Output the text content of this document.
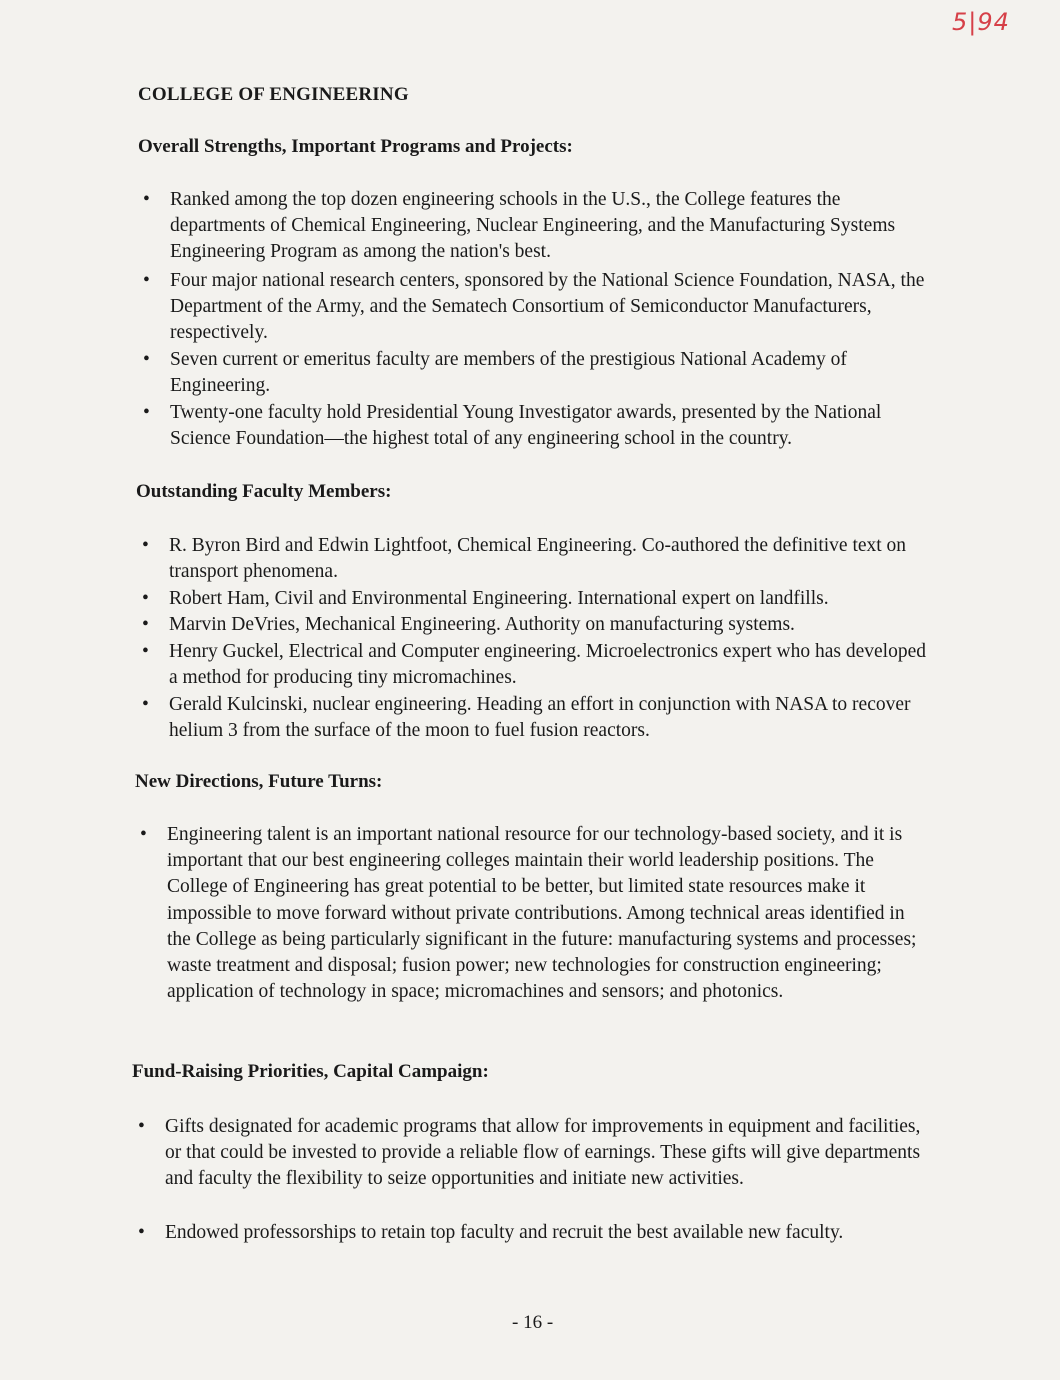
5|94
COLLEGE OF ENGINEERING
Overall Strengths, Important Programs and Projects:
• Ranked among the top dozen engineering schools in the U.S., the College features the departments of Chemical Engineering, Nuclear Engineering, and the Manufacturing Systems Engineering Program as among the nation's best.
• Four major national research centers, sponsored by the National Science Foundation, NASA, the Department of the Army, and the Sematech Consortium of Semiconductor Manufacturers, respectively.
• Seven current or emeritus faculty are members of the prestigious National Academy of Engineering.
• Twenty-one faculty hold Presidential Young Investigator awards, presented by the National Science Foundation—the highest total of any engineering school in the country.
Outstanding Faculty Members:
• R. Byron Bird and Edwin Lightfoot, Chemical Engineering. Co-authored the definitive text on transport phenomena.
• Robert Ham, Civil and Environmental Engineering. International expert on landfills.
• Marvin DeVries, Mechanical Engineering. Authority on manufacturing systems.
• Henry Guckel, Electrical and Computer engineering. Microelectronics expert who has developed a method for producing tiny micromachines.
• Gerald Kulcinski, nuclear engineering. Heading an effort in conjunction with NASA to recover helium 3 from the surface of the moon to fuel fusion reactors.
New Directions, Future Turns:
• Engineering talent is an important national resource for our technology-based society, and it is important that our best engineering colleges maintain their world leadership positions. The College of Engineering has great potential to be better, but limited state resources make it impossible to move forward without private contributions. Among technical areas identified in the College as being particularly significant in the future: manufacturing systems and processes; waste treatment and disposal; fusion power; new technologies for construction engineering; application of technology in space; micromachines and sensors; and photonics.
Fund-Raising Priorities, Capital Campaign:
• Gifts designated for academic programs that allow for improvements in equipment and facilities, or that could be invested to provide a reliable flow of earnings. These gifts will give departments and faculty the flexibility to seize opportunities and initiate new activities.
• Endowed professorships to retain top faculty and recruit the best available new faculty.
- 16 -
